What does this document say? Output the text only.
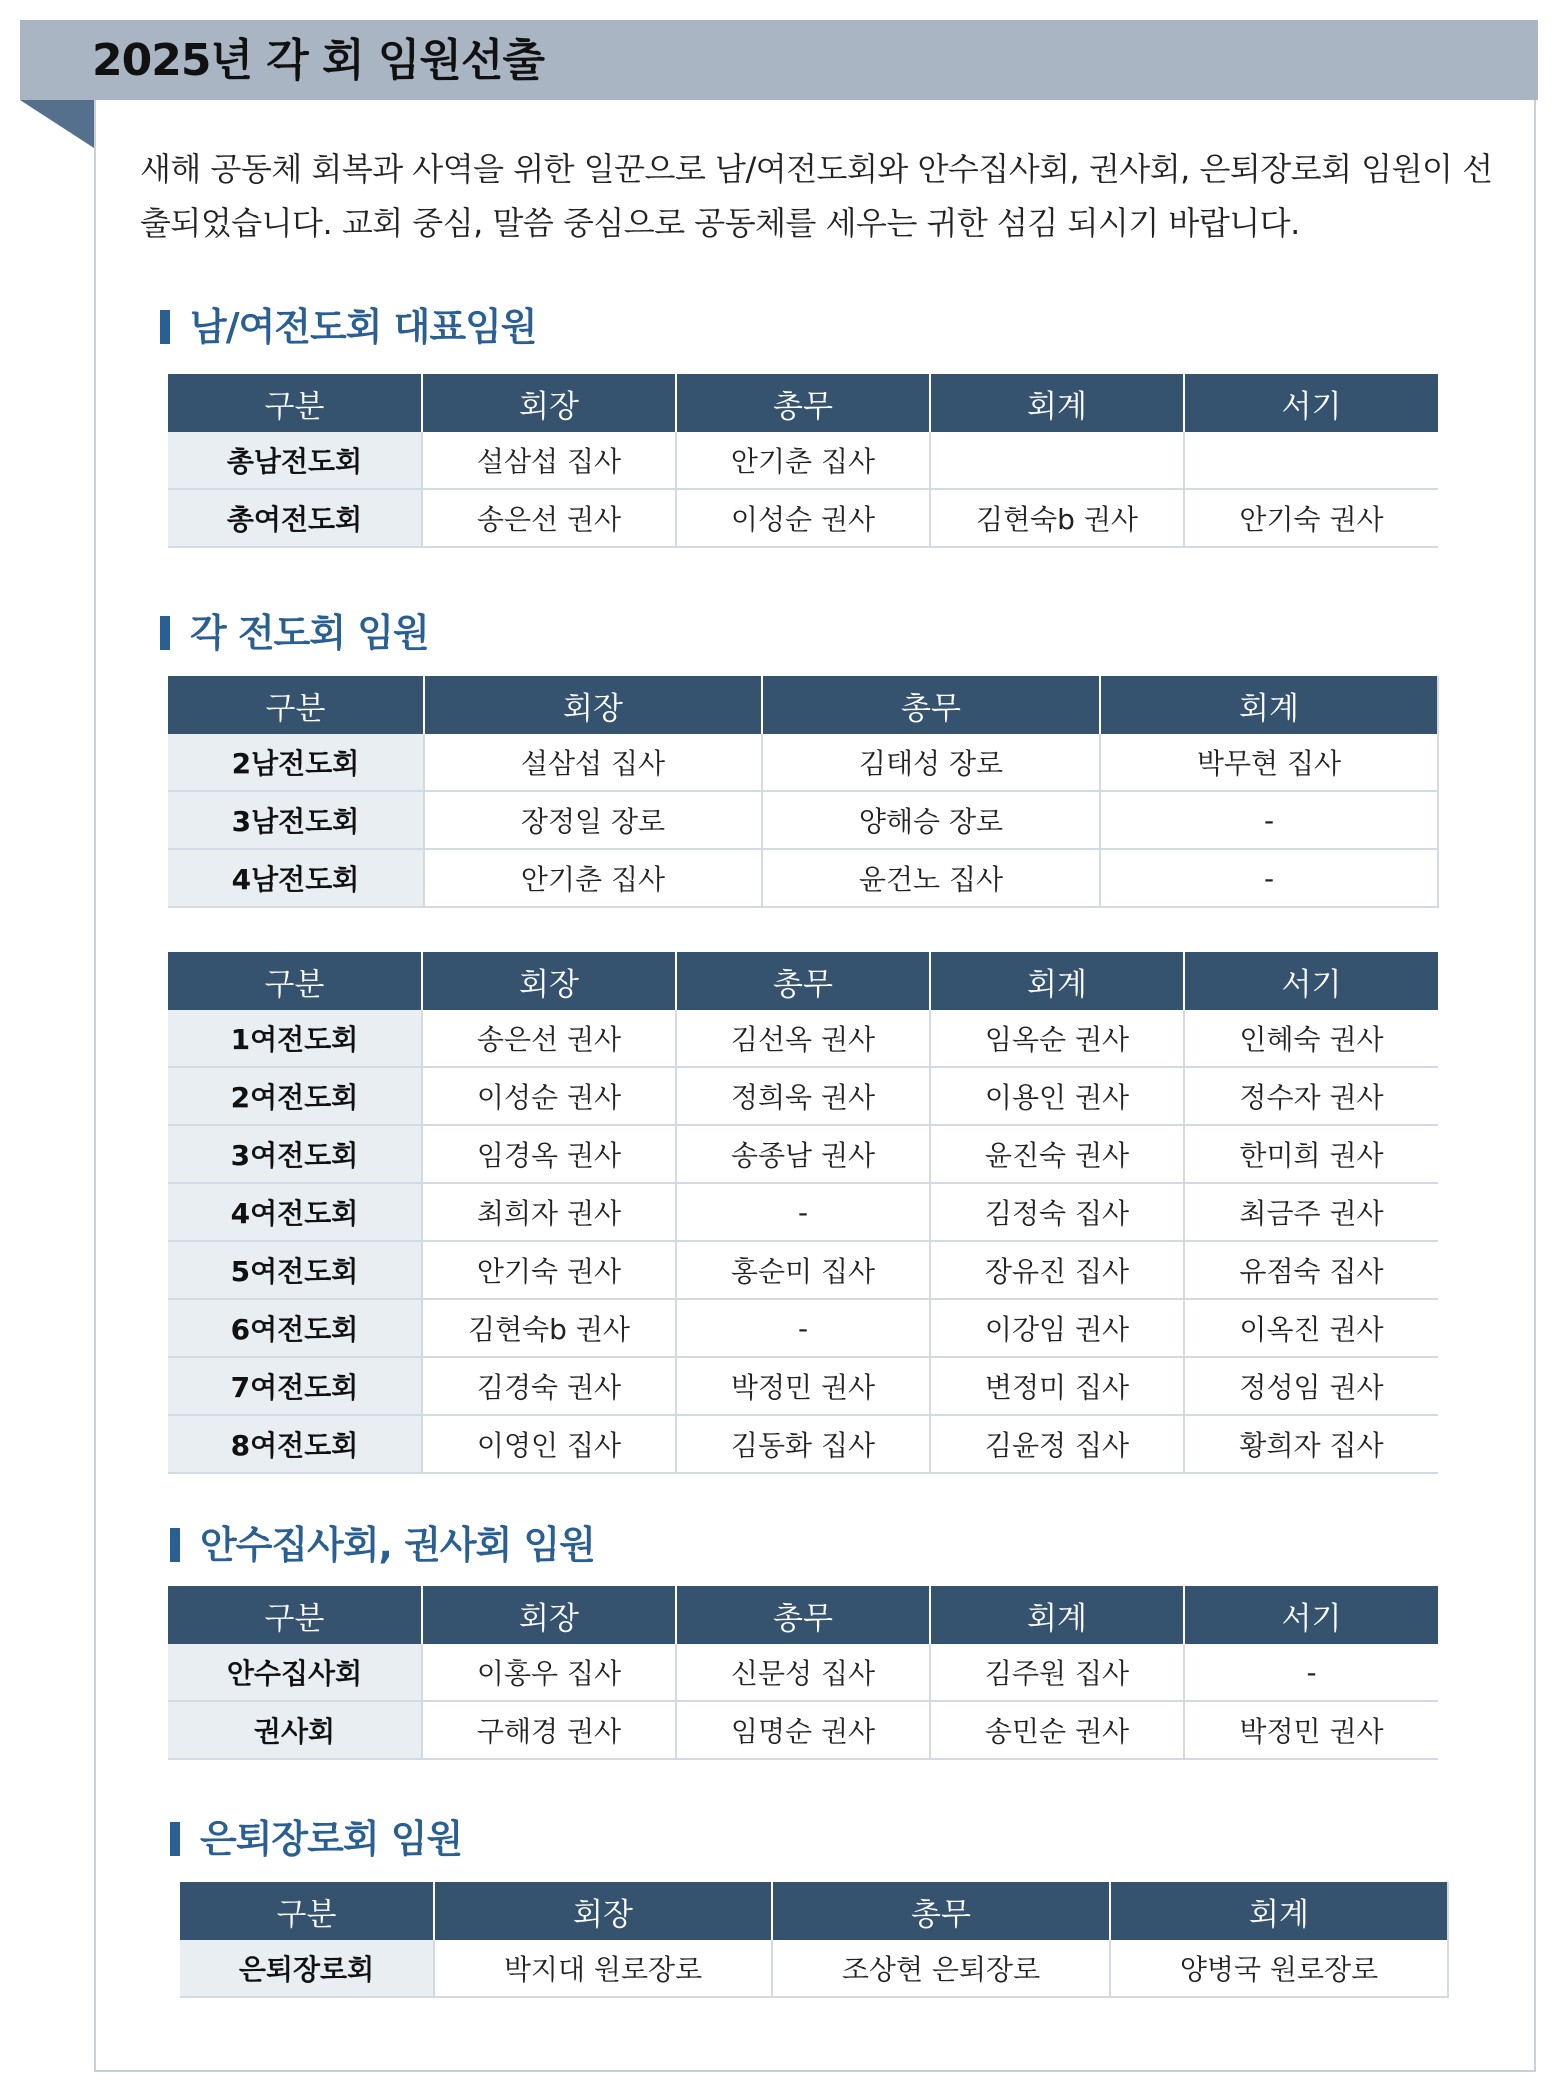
2025년 각 회 임원선출
새해 공동체 회복과 사역을 위한 일꾼으로 남/여전도회와 안수집사회, 권사회, 은퇴장로회 임원이 선출되었습니다. 교회 중심, 말씀 중심으로 공동체를 세우는 귀한 섬김 되시기 바랍니다.
남/여전도회 대표임원
구분	회장	총무	회계	서기
총남전도회	설삼섭 집사	안기춘 집사		
총여전도회	송은선 권사	이성순 권사	김현숙b 권사	안기숙 권사
각 전도회 임원
구분	회장	총무	회계
2남전도회	설삼섭 집사	김태성 장로	박무현 집사
3남전도회	장정일 장로	양해승 장로	-
4남전도회	안기춘 집사	윤건노 집사	-
구분	회장	총무	회계	서기
1여전도회	송은선 권사	김선옥 권사	임옥순 권사	인혜숙 권사
2여전도회	이성순 권사	정희욱 권사	이용인 권사	정수자 권사
3여전도회	임경옥 권사	송종남 권사	윤진숙 권사	한미희 권사
4여전도회	최희자 권사	-	김정숙 집사	최금주 권사
5여전도회	안기숙 권사	홍순미 집사	장유진 집사	유점숙 집사
6여전도회	김현숙b 권사	-	이강임 권사	이옥진 권사
7여전도회	김경숙 권사	박정민 권사	변정미 집사	정성임 권사
8여전도회	이영인 집사	김동화 집사	김윤정 집사	황희자 집사
안수집사회, 권사회 임원
구분	회장	총무	회계	서기
안수집사회	이홍우 집사	신문성 집사	김주원 집사	-
권사회	구해경 권사	임명순 권사	송민순 권사	박정민 권사
은퇴장로회 임원
구분	회장	총무	회계
은퇴장로회	박지대 원로장로	조상현 은퇴장로	양병국 원로장로
